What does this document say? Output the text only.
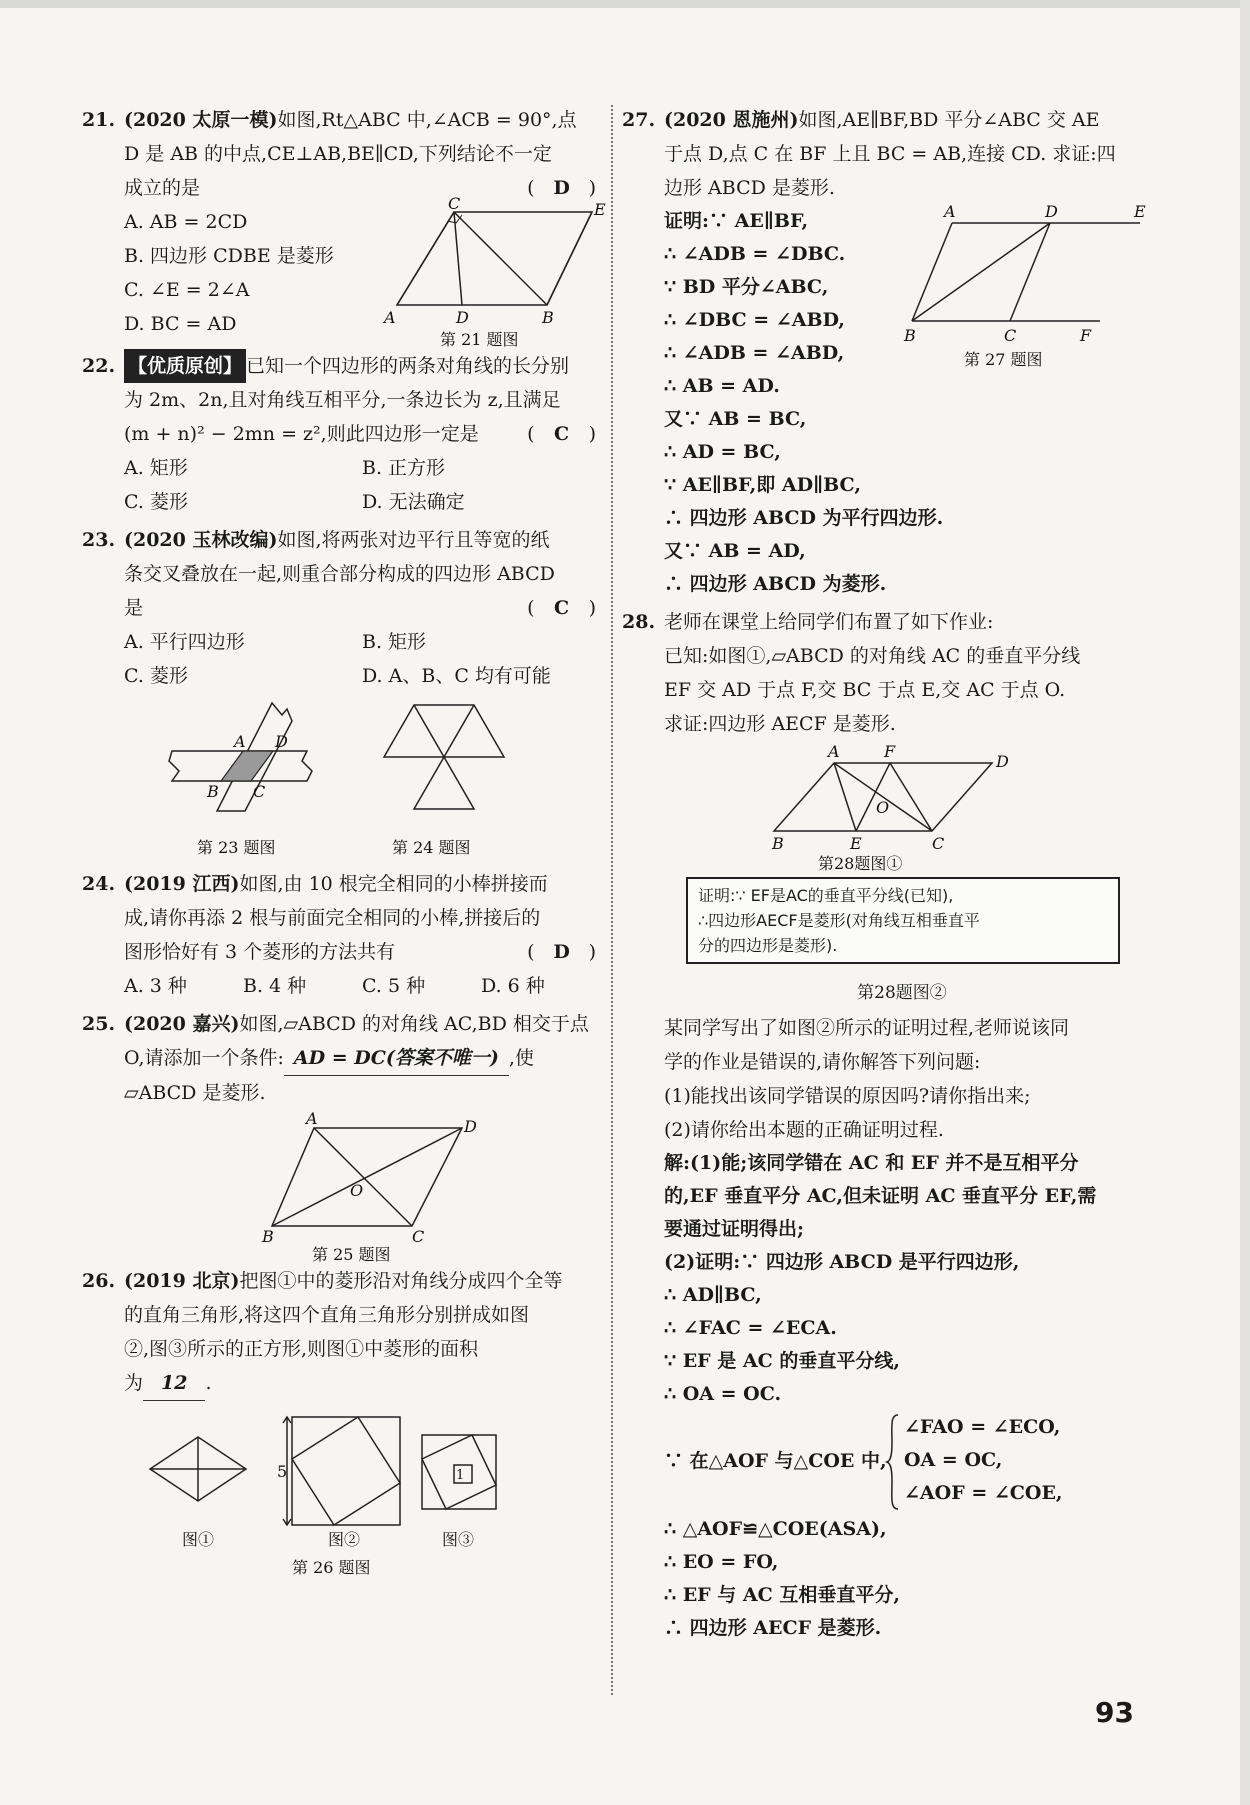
21. (2020 太原一模)如图,Rt△ABC 中,∠ACB = 90°,点
D 是 AB 的中点,CE⊥AB,BE∥CD,下列结论不一定
成立的是	( D )
A. AB = 2CD
B. 四边形 CDBE 是菱形
C. ∠E = 2∠A
D. BC = AD
C	E
A	D	B
第 21 题图
22. 【优质原创】 已知一个四边形的两条对角线的长分别
为 2m、2n,且对角线互相平分,一条边长为 z,且满足
(m + n)² − 2mn = z²,则此四边形一定是	( C )
A. 矩形	B. 正方形
C. 菱形	D. 无法确定
23. (2020 玉林改编)如图,将两张对边平行且等宽的纸
条交叉叠放在一起,则重合部分构成的四边形 ABCD
是	( C )
A. 平行四边形	B. 矩形
C. 菱形	D. A、B、C 均有可能
A D
B C
第 23 题图	第 24 题图
24. (2019 江西)如图,由 10 根完全相同的小棒拼接而
成,请你再添 2 根与前面完全相同的小棒,拼接后的
图形恰好有 3 个菱形的方法共有	( D )
A. 3 种	B. 4 种	C. 5 种	D. 6 种
25. (2020 嘉兴)如图,▱ABCD 的对角线 AC,BD 相交于点
O,请添加一个条件: AD = DC(答案不唯一) ,使
▱ABCD 是菱形.
A	D
O
B	C
第 25 题图
26. (2019 北京)把图①中的菱形沿对角线分成四个全等
的直角三角形,将这四个直角三角形分别拼成如图
②,图③所示的正方形,则图①中菱形的面积
为 12 .
5	1
图①	图②	图③
第 26 题图
27. (2020 恩施州)如图,AE∥BF,BD 平分∠ABC 交 AE
于点 D,点 C 在 BF 上且 BC = AB,连接 CD. 求证:四
边形 ABCD 是菱形.
证明:∵ AE∥BF,
∴ ∠ADB = ∠DBC.
∵ BD 平分∠ABC,
∴ ∠DBC = ∠ABD,
∴ ∠ADB = ∠ABD,
∴ AB = AD.
又∵ AB = BC,
∴ AD = BC,
∵ AE∥BF,即 AD∥BC,
∴ 四边形 ABCD 为平行四边形.
又∵ AB = AD,
∴ 四边形 ABCD 为菱形.
A	D	E
B	C	F
第 27 题图
28. 老师在课堂上给同学们布置了如下作业:
已知:如图①,▱ABCD 的对角线 AC 的垂直平分线
EF 交 AD 于点 F,交 BC 于点 E,交 AC 于点 O.
求证:四边形 AECF 是菱形.
A	F
D
O
B	E	C
第28题图①
证明:∵ EF是AC的垂直平分线(已知),
∴四边形AECF是菱形(对角线互相垂直平
分的四边形是菱形).
第28题图②
某同学写出了如图②所示的证明过程,老师说该同
学的作业是错误的,请你解答下列问题:
(1)能找出该同学错误的原因吗?请你指出来;
(2)请你给出本题的正确证明过程.
解:(1)能;该同学错在 AC 和 EF 并不是互相平分
的,EF 垂直平分 AC,但未证明 AC 垂直平分 EF,需
要通过证明得出;
(2)证明:∵ 四边形 ABCD 是平行四边形,
∴ AD∥BC,
∴ ∠FAC = ∠ECA.
∵ EF 是 AC 的垂直平分线,
∴ OA = OC.
∵ 在△AOF 与△COE 中,
∠FAO = ∠ECO,
OA = OC,
∠AOF = ∠COE,
∴ △AOF≌△COE(ASA),
∴ EO = FO,
∴ EF 与 AC 互相垂直平分,
∴ 四边形 AECF 是菱形.
93
